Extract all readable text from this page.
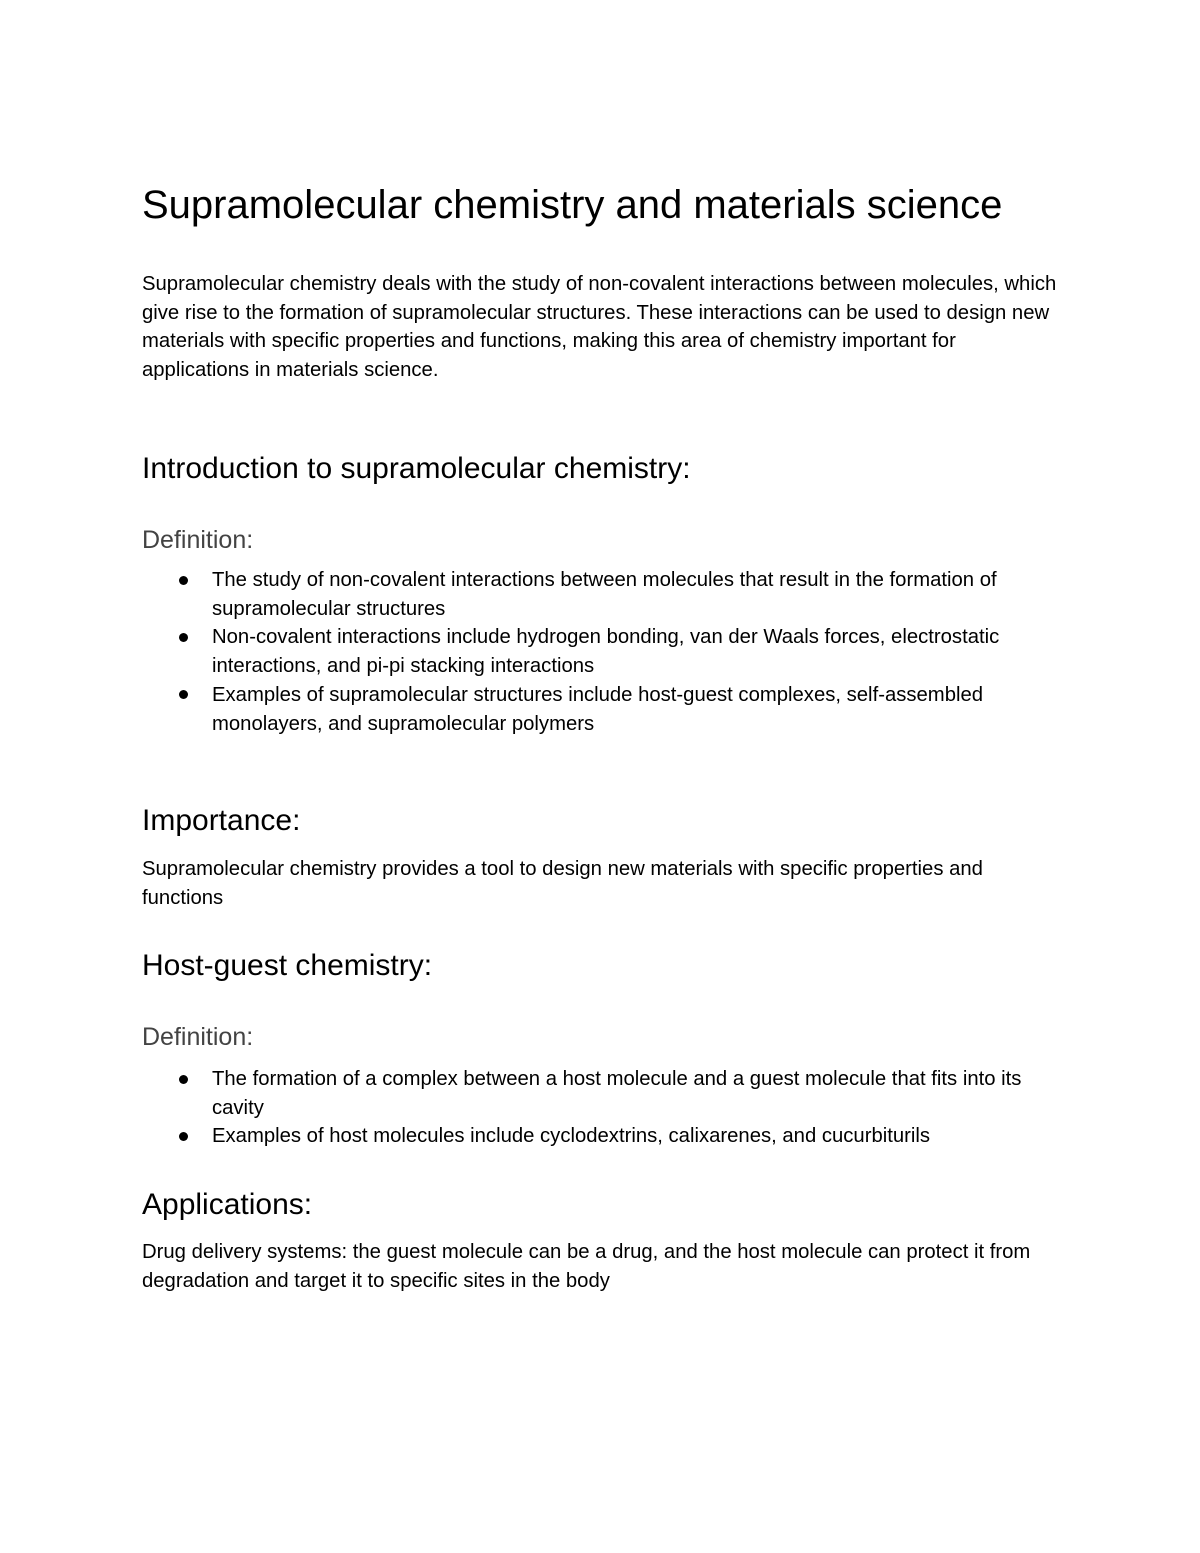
Supramolecular chemistry and materials science

Supramolecular chemistry deals with the study of non-covalent interactions between molecules, which give rise to the formation of supramolecular structures. These interactions can be used to design new materials with specific properties and functions, making this area of chemistry important for applications in materials science.

Introduction to supramolecular chemistry:
Definition:
The study of non-covalent interactions between molecules that result in the formation of supramolecular structures
Non-covalent interactions include hydrogen bonding, van der Waals forces, electrostatic interactions, and pi-pi stacking interactions
Examples of supramolecular structures include host-guest complexes, self-assembled monolayers, and supramolecular polymers
Importance:

Supramolecular chemistry provides a tool to design new materials with specific properties and functions

Host-guest chemistry:
Definition:
The formation of a complex between a host molecule and a guest molecule that fits into its cavity
Examples of host molecules include cyclodextrins, calixarenes, and cucurbiturils
Applications:

Drug delivery systems: the guest molecule can be a drug, and the host molecule can protect it from degradation and target it to specific sites in the body
